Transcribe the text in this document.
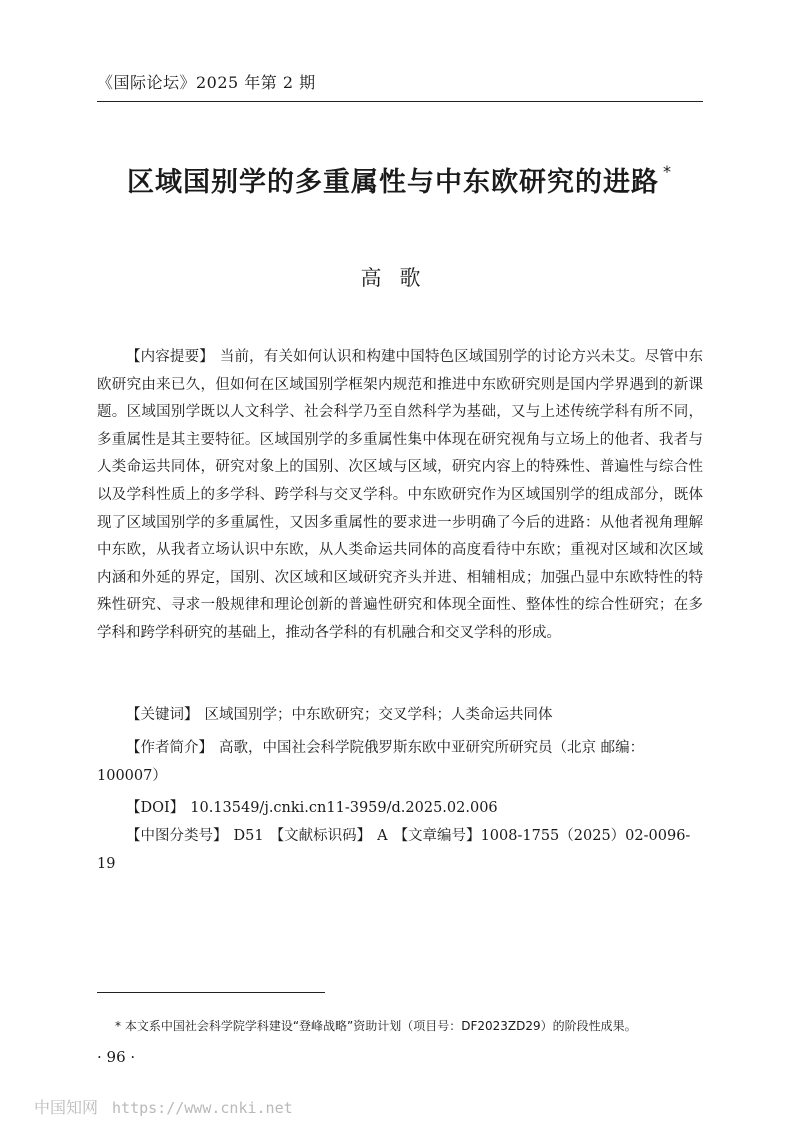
《国际论坛》2025 年第 2 期
区域国别学的多重属性与中东欧研究的进路 *
高歌

【内容提要】 当前，有关如何认识和构建中国特色区域国别学的讨论方兴未艾。尽管中东欧研究由来已久，但如何在区域国别学框架内规范和推进中东欧研究则是国内学界遇到的新课题。区域国别学既以人文科学、社会科学乃至自然科学为基础，又与上述传统学科有所不同，多重属性是其主要特征。区域国别学的多重属性集中体现在研究视角与立场上的他者、我者与人类命运共同体，研究对象上的国别、次区域与区域，研究内容上的特殊性、普遍性与综合性以及学科性质上的多学科、跨学科与交叉学科。中东欧研究作为区域国别学的组成部分，既体现了区域国别学的多重属性，又因多重属性的要求进一步明确了今后的进路：从他者视角理解中东欧，从我者立场认识中东欧，从人类命运共同体的高度看待中东欧；重视对区域和次区域内涵和外延的界定，国别、次区域和区域研究齐头并进、相辅相成；加强凸显中东欧特性的特殊性研究、寻求一般规律和理论创新的普遍性研究和体现全面性、整体性的综合性研究；在多学科和跨学科研究的基础上，推动各学科的有机融合和交叉学科的形成。

【关键词】 区域国别学；中东欧研究；交叉学科；人类命运共同体
【作者简介】 高歌，中国社会科学院俄罗斯东欧中亚研究所研究员（北京 邮编：100007）
【DOI】 10.13549/j.cnki.cn11-3959/d.2025.02.006
【中图分类号】 D51 【文献标识码】 A 【文章编号】1008-1755（2025）02-0096-19
* 本文系中国社会科学院学科建设“登峰战略”资助计划（项目号：DF2023ZD29）的阶段性成果。
· 96 ·
中国知网 https://www.cnki.net
